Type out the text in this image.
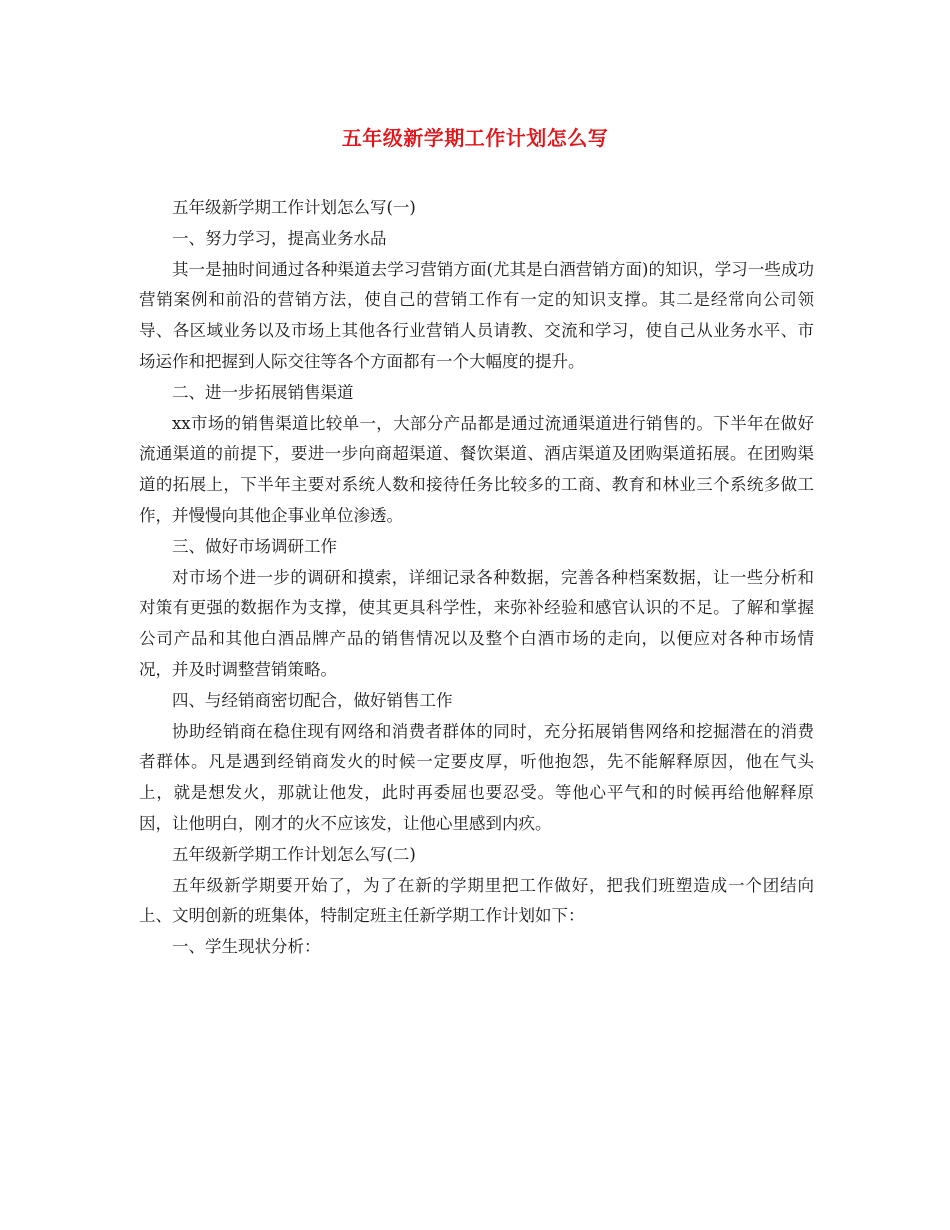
五年级新学期工作计划怎么写

五年级新学期工作计划怎么写(一)

一、努力学习，提高业务水品

其一是抽时间通过各种渠道去学习营销方面(尤其是白酒营销方面)的知识，学习一些成功营销案例和前沿的营销方法，使自己的营销工作有一定的知识支撑。其二是经常向公司领导、各区域业务以及市场上其他各行业营销人员请教、交流和学习，使自己从业务水平、市场运作和把握到人际交往等各个方面都有一个大幅度的提升。

二、进一步拓展销售渠道

xx市场的销售渠道比较单一，大部分产品都是通过流通渠道进行销售的。下半年在做好流通渠道的前提下，要进一步向商超渠道、餐饮渠道、酒店渠道及团购渠道拓展。在团购渠道的拓展上，下半年主要对系统人数和接待任务比较多的工商、教育和林业三个系统多做工作，并慢慢向其他企事业单位渗透。

三、做好市场调研工作

对市场个进一步的调研和摸索，详细记录各种数据，完善各种档案数据，让一些分析和对策有更强的数据作为支撑，使其更具科学性，来弥补经验和感官认识的不足。了解和掌握公司产品和其他白酒品牌产品的销售情况以及整个白酒市场的走向，以便应对各种市场情况，并及时调整营销策略。

四、与经销商密切配合，做好销售工作

协助经销商在稳住现有网络和消费者群体的同时，充分拓展销售网络和挖掘潜在的消费者群体。凡是遇到经销商发火的时候一定要皮厚，听他抱怨，先不能解释原因，他在气头上，就是想发火，那就让他发，此时再委屈也要忍受。等他心平气和的时候再给他解释原因，让他明白，刚才的火不应该发，让他心里感到内疚。

五年级新学期工作计划怎么写(二)

五年级新学期要开始了，为了在新的学期里把工作做好，把我们班塑造成一个团结向上、文明创新的班集体，特制定班主任新学期工作计划如下：

一、学生现状分析：
